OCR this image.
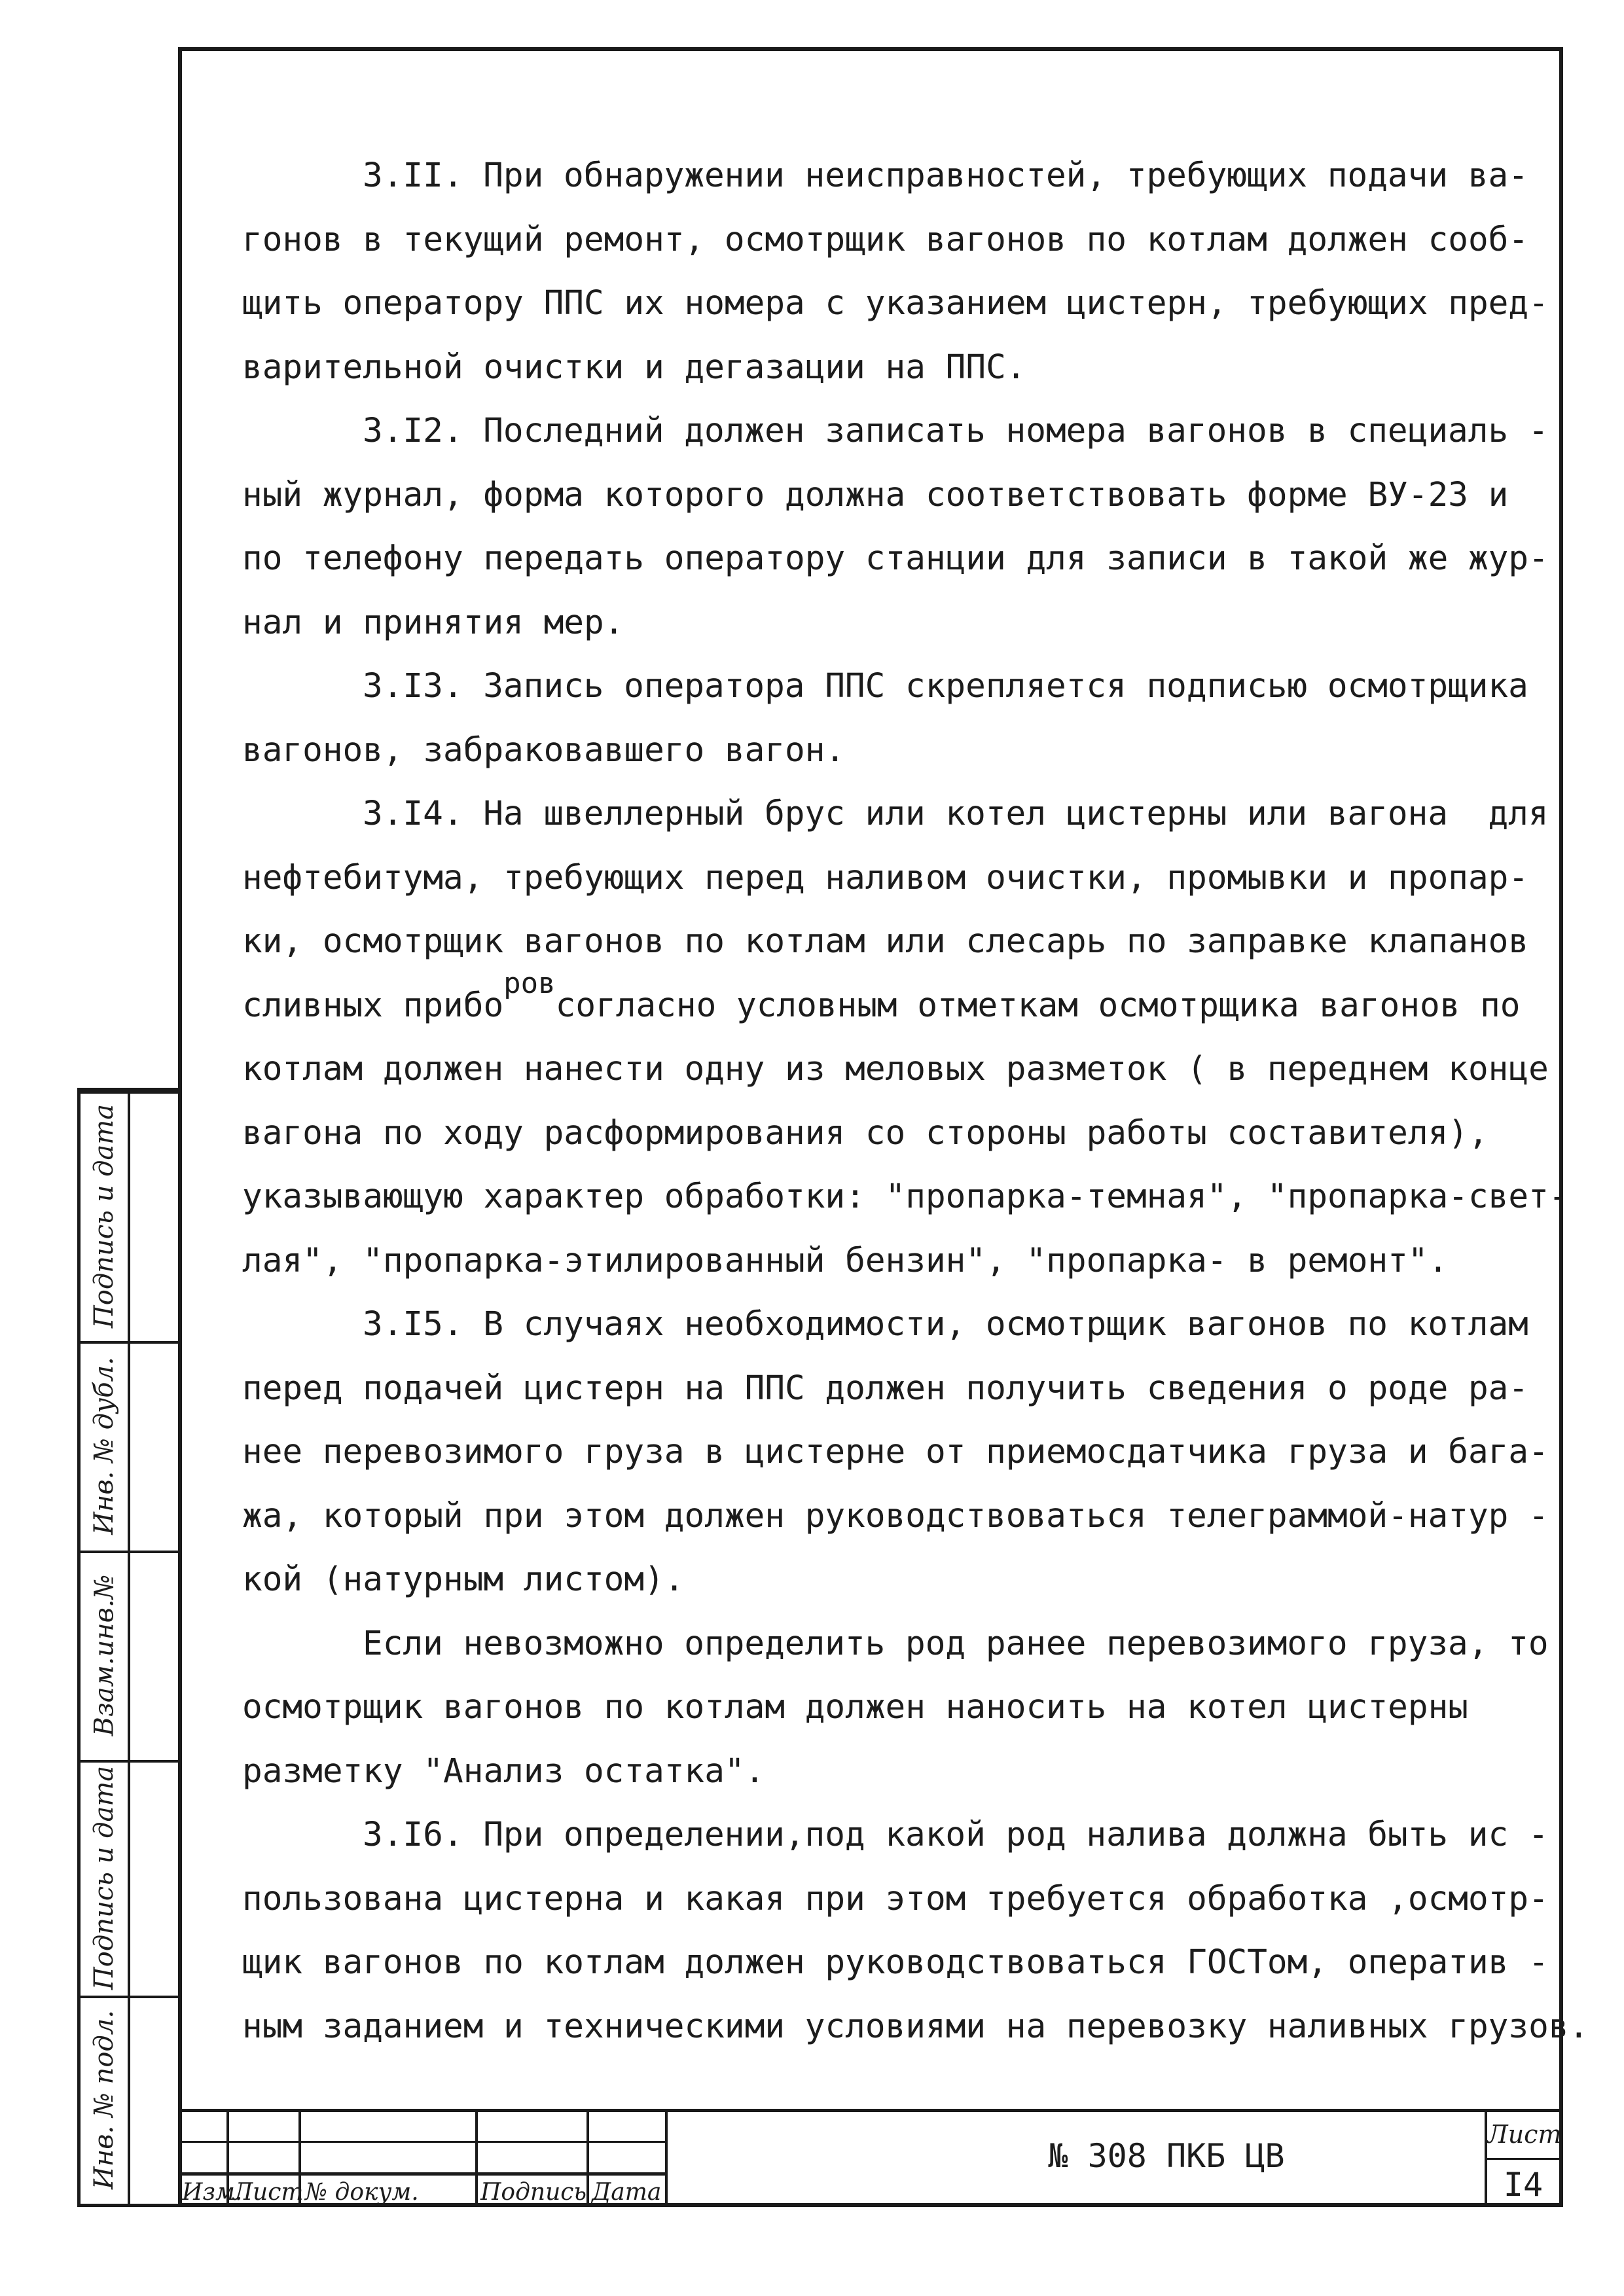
3.II. При обнаружении неисправностей, требующих подачи ва-
гонов в текущий ремонт, осмотрщик вагонов по котлам должен сооб-
щить оператору ППС их номера с указанием цистерн, требующих пред-
варительной очистки и дегазации на ППС.
3.I2. Последний должен записать номера вагонов в специаль -
ный журнал, форма которого должна соответствовать форме ВУ-23 и
по телефону передать оператору станции для записи в такой же жур-
нал и принятия мер.
3.I3. Запись оператора ППС скрепляется подписью осмотрщика
вагонов, забраковавшего вагон.
3.I4. На швеллерный брус или котел цистерны или вагона  для
нефтебитума, требующих перед наливом очистки, промывки и пропар-
ки, осмотрщик вагонов по котлам или слесарь по заправке клапанов
сливных приборовсогласно условным отметкам осмотрщика вагонов по
котлам должен нанести одну из меловых разметок ( в переднем конце
вагона по ходу расформирования со стороны работы составителя),
указывающую характер обработки: "пропарка-темная", "пропарка-свет-
лая", "пропарка-этилированный бензин", "пропарка- в ремонт".
3.I5. В случаях необходимости, осмотрщик вагонов по котлам
перед подачей цистерн на ППС должен получить сведения о роде ра-
нее перевозимого груза в цистерне от приемосдатчика груза и бага-
жа, который при этом должен руководствоваться телеграммой-натур -
кой (натурным листом).
Если невозможно определить род ранее перевозимого груза, то
осмотрщик вагонов по котлам должен наносить на котел цистерны
разметку "Анализ остатка".
3.I6. При определении,под какой род налива должна быть ис -
пользована цистерна и какая при этом требуется обработка ,осмотр-
щик вагонов по котлам должен руководствоваться ГОСТом, оператив -
ным заданием и техническими условиями на перевозку наливных грузов.
Подпись и дата
Инв. № дубл.
Взам.инв.№
Подпись и дата
Инв. № подл.
Изм.
Лист № докум.	Подпись Дата
№ 308 ПКБ ЦВ
Лист
I4
